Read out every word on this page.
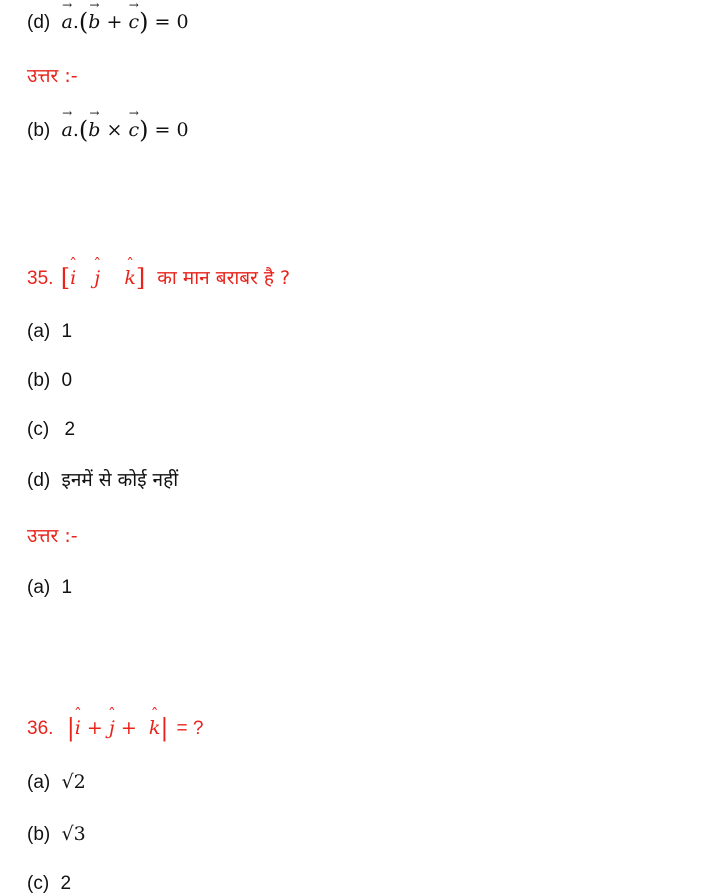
(d) → a.(→ b + → c) = 0
उत्तर :-
(b) → a.(→ b × → c) = 0
35. [ˆ i ˆ j ˆ k] का मान बराबर है ?
(a) 1
(b) 0
(c) 2
(d) इनमें से कोई नहीं
उत्तर :-
(a) 1
36. |ˆ i + ˆ j +  ˆ k| = ?
(a) √2
(b) √3
(c) 2
